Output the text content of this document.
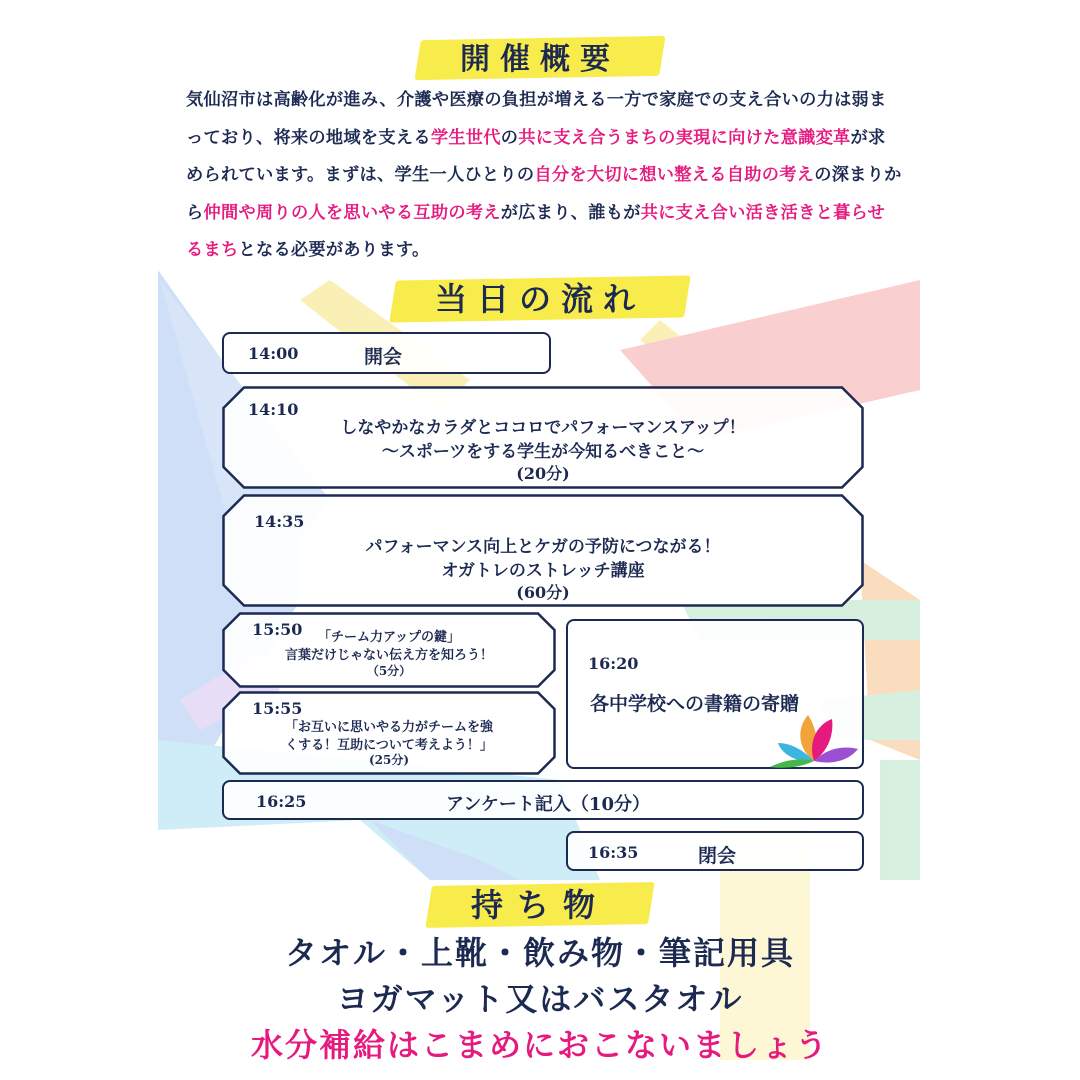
開催概要
気仙沼市は高齢化が進み、介護や医療の負担が増える一方で家庭での支え合いの力は弱まっており、将来の地域を支える学生世代の共に支え合うまちの実現に向けた意識変革が求められています。まずは、学生一人ひとりの自分を大切に想い整える自助の考えの深まりから仲間や周りの人を思いやる互助の考えが広まり、誰もが共に支え合い活き活きと暮らせるまちとなる必要があります。
当日の流れ
14:00	開会
14:10
しなやかなカラダとココロでパフォーマンスアップ！
～スポーツをする学生が今知るべきこと～
(20分)
14:35
パフォーマンス向上とケガの予防につながる！
オガトレのストレッチ講座
(60分)
15:50	「チーム力アップの鍵」
言葉だけじゃない伝え方を知ろう！
（5分）
15:55
「お互いに思いやる力がチームを強
くする！互助について考えよう！」
(25分)
16:20
各中学校への書籍の寄贈
16:25	アンケート記入（10分）
16:35	閉会
持ち物
タオル・上靴・飲み物・筆記用具
ヨガマット又はバスタオル
水分補給はこまめにおこないましょう
